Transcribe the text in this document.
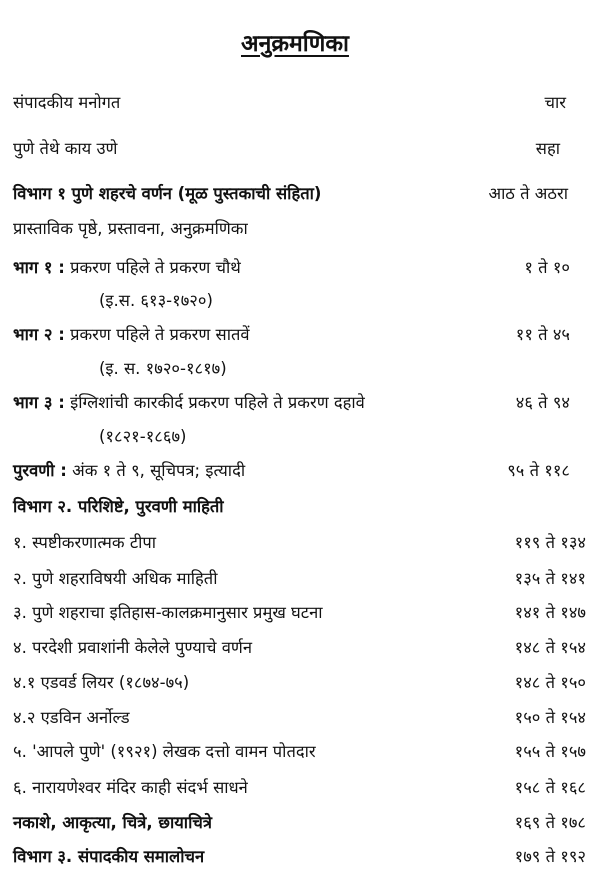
अनुक्रमणिका
संपादकीय मनोगत	चार
पुणे तेथे काय उणे	सहा
विभाग १ पुणे शहरचे वर्णन (मूळ पुस्तकाची संहिता)	आठ ते अठरा
प्रास्ताविक पृष्ठे, प्रस्तावना, अनुक्रमणिका
भाग १ : प्रकरण पहिले ते प्रकरण चौथे	१ ते १०
(इ.स. ६१३-१७२०)
भाग २ : प्रकरण पहिले ते प्रकरण सातवें	११ ते ४५
(इ. स. १७२०-१८१७)
भाग ३ : इंग्लिशांची कारकीर्द प्रकरण पहिले ते प्रकरण दहावे	४६ ते ९४
(१८२१-१८६७)
पुरवणी : अंक १ ते ९, सूचिपत्र; इत्यादी	९५ ते ११८
विभाग २. परिशिष्टे, पुरवणी माहिती
१. स्पष्टीकरणात्मक टीपा	११९ ते १३४
२. पुणे शहराविषयी अधिक माहिती	१३५ ते १४१
३. पुणे शहराचा इतिहास-कालक्रमानुसार प्रमुख घटना	१४१ ते १४७
४. परदेशी प्रवाशांनी केलेले पुण्याचे वर्णन	१४८ ते १५४
४.१ एडवर्ड लियर (१८७४-७५)	१४८ ते १५०
४.२ एडविन अर्नोल्ड	१५० ते १५४
५. 'आपले पुणे' (१९२१) लेखक दत्तो वामन पोतदार	१५५ ते १५७
६. नारायणेश्वर मंदिर काही संदर्भ साधने	१५८ ते १६८
नकाशे, आकृत्या, चित्रे, छायाचित्रे	१६९ ते १७८
विभाग ३. संपादकीय समालोचन	१७९ ते १९२
